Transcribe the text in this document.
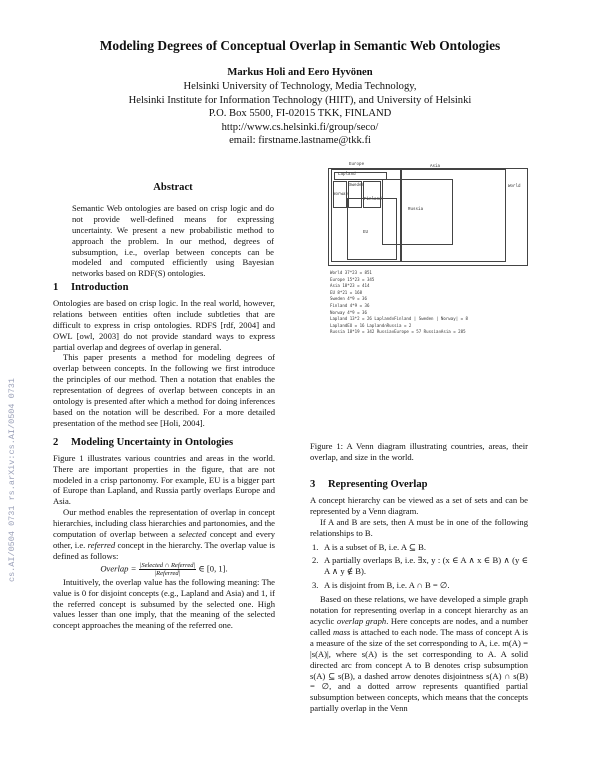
Modeling Degrees of Conceptual Overlap in Semantic Web Ontologies
Markus Holi and Eero Hyvönen
Helsinki University of Technology, Media Technology,
Helsinki Institute for Information Technology (HIIT), and University of Helsinki
P.O. Box 5500, FI-02015 TKK, FINLAND
http://www.cs.helsinki.fi/group/seco/
email: firstname.lastname@tkk.fi
cs.AI/0504 0731 rs.arXiv:cs.AI/0504 0731
Abstract

Semantic Web ontologies are based on crisp logic and do not provide well-defined means for expressing uncertainty. We present a new probabilistic method to approach the problem. In our method, degrees of subsumption, i.e., overlap between concepts can be modeled and computed efficiently using Bayesian networks based on RDF(S) ontologies.

1 Introduction

Ontologies are based on crisp logic. In the real world, however, relations between entities often include subtleties that are difficult to express in crisp ontologies. RDFS [rdf, 2004] and OWL [owl, 2003] do not provide standard ways to express partial overlap and degrees of overlap in general.

This paper presents a method for modeling degrees of overlap between concepts. In the following we first introduce the principles of our method. Then a notation that enables the representation of degrees of overlap between concepts in an ontology is presented after which a method for doing inferences based on the notation will be described. For a more detailed presentation of the method see [Holi, 2004].

2 Modeling Uncertainty in Ontologies

Figure 1 illustrates various countries and areas in the world. There are important properties in the figure, that are not modeled in a crisp partonomy. For example, EU is a bigger part of Europe than Lapland, and Russia partly overlaps Europe and Asia.

Our method enables the representation of overlap in concept hierarchies, including class hierarchies and partonomies, and the computation of overlap between a selected concept and every other, i.e. referred concept in the hierarchy. The overlap value is defined as follows:

Overlap = $\frac{\text{|Selected ∩ Referred|}}{\text{|Referred|}}$ ∈ [0, 1].

Intuitively, the overlap value has the following meaning: The value is 0 for disjoint concepts (e.g., Lapland and Asia) and 1, if the referred concept is subsumed by the selected one. High values lesser than one imply, that the meaning of the selected concept approaches the meaning of the referred one.

World
Europe	Asia
Lapland
Norway
Sweden
Finland
EU
Russia
World 37*23 = 851
Europe 15*23 = 345
Asia 18*23 = 414
EU 8*21 = 168
Sweden 4*9 = 36
Finland 4*9 = 36
Norway 4*9 = 36
Lapland 13*2 = 26 Lapland∩Finland | Sweden | Norway| = 8
LaplandEU = 16 Lapland∩Russia = 2
Russia 18*19 = 342 Russia∩Europe = 57 Russia∩Asia = 285
Figure 1: A Venn diagram illustrating countries, areas, their overlap, and size in the world.
3 Representing Overlap

A concept hierarchy can be viewed as a set of sets and can be represented by a Venn diagram.

If A and B are sets, then A must be in one of the following relationships to B.

1. A is a subset of B, i.e. A ⊆ B.
2. A partially overlaps B, i.e. ∃x, y : (x ∈ A ∧ x ∈ B) ∧ (y ∈ A ∧ y ∉ B).
3. A is disjoint from B, i.e. A ∩ B = ∅.

Based on these relations, we have developed a simple graph notation for representing overlap in a concept hierarchy as an acyclic overlap graph. Here concepts are nodes, and a number called mass is attached to each node. The mass of concept A is a measure of the size of the set corresponding to A, i.e. m(A) = |s(A)|, where s(A) is the set corresponding to A. A solid directed arc from concept A to B denotes crisp subsumption s(A) ⊆ s(B), a dashed arrow denotes disjointness s(A) ∩ s(B) = ∅, and a dotted arrow represents quantified partial subsumption between concepts, which means that the concepts partially overlap in the Venn
